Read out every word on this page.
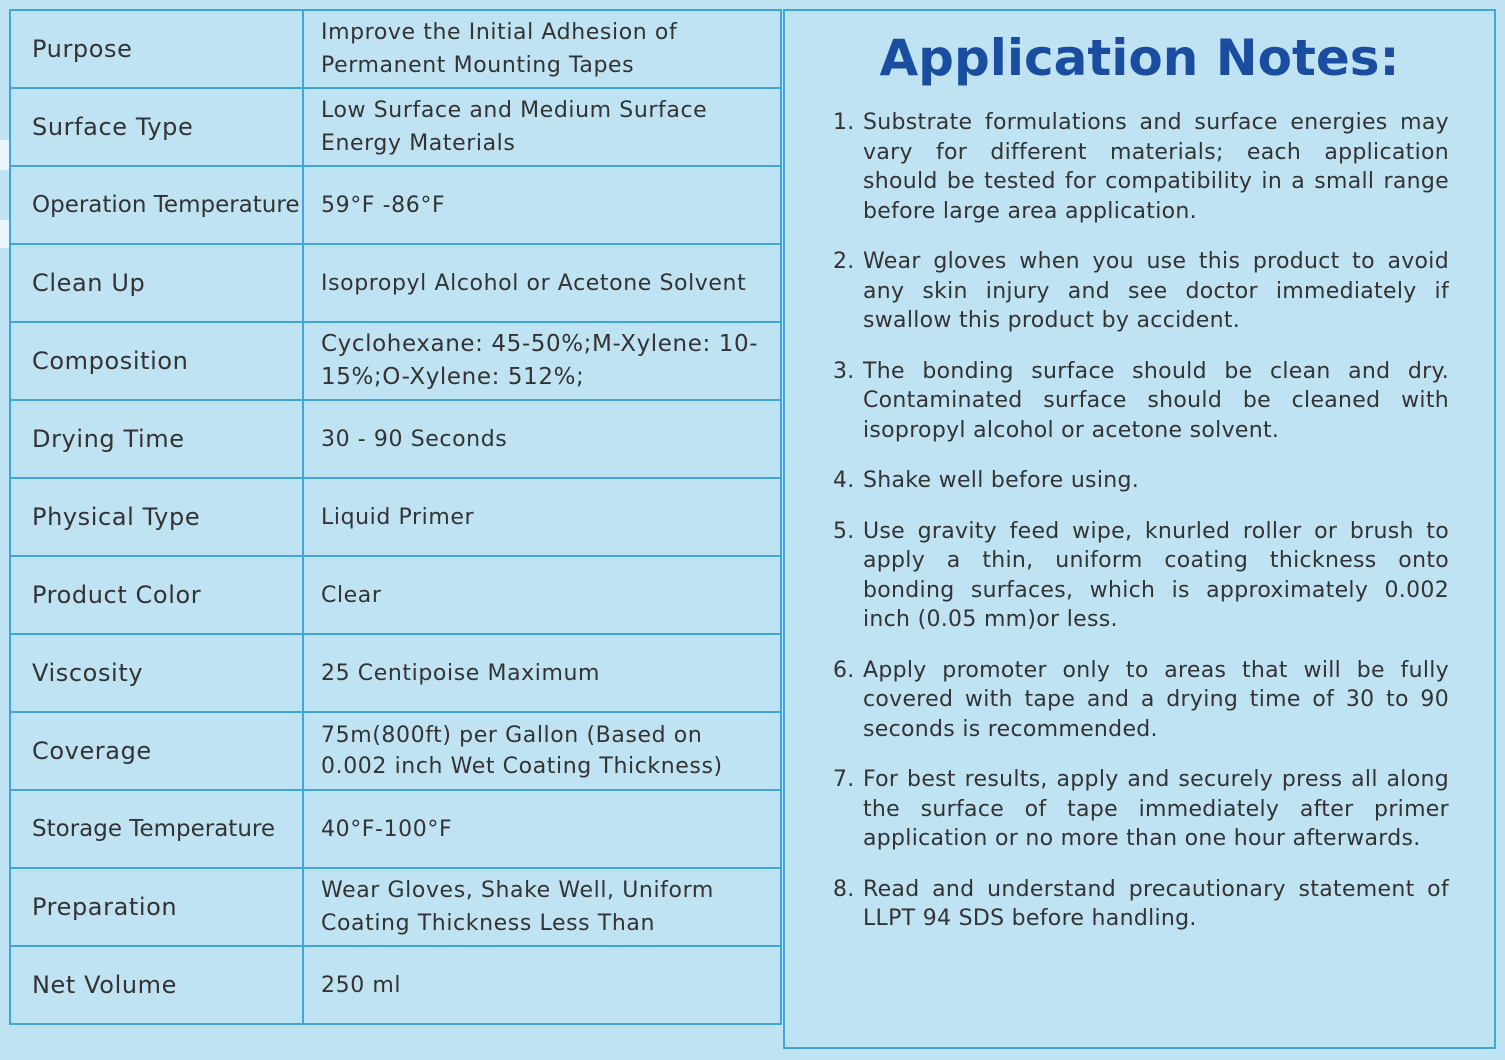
Purpose	Improve the Initial Adhesion of Permanent Mounting Tapes
Surface Type	Low Surface and Medium Surface Energy Materials
Operation Temperature	59°F -86°F
Clean Up	Isopropyl Alcohol or Acetone Solvent
Composition	Cyclohexane: 45-50%;M-Xylene: 10-15%;O-Xylene: 512%;
Drying Time	30 - 90 Seconds
Physical Type	Liquid Primer
Product Color	Clear
Viscosity	25 Centipoise Maximum
Coverage	75m(800ft) per Gallon (Based on 0.002 inch Wet Coating Thickness)
Storage Temperature	40°F-100°F
Preparation	Wear Gloves, Shake Well, Uniform Coating Thickness Less Than
Net Volume	250 ml
Application Notes:
1. Substrate formulations and surface energies may vary for different materials; each application should be tested for compatibility in a small range before large area application.
2. Wear gloves when you use this product to avoid any skin injury and see doctor immediately if swallow this product by accident.
3. The bonding surface should be clean and dry. Contaminated surface should be cleaned with isopropyl alcohol or acetone solvent.
4. Shake well before using.
5. Use gravity feed wipe, knurled roller or brush to apply a thin, uniform coating thickness onto bonding surfaces, which is approximately 0.002 inch (0.05 mm)or less.
6. Apply promoter only to areas that will be fully covered with tape and a drying time of 30 to 90 seconds is recommended.
7. For best results, apply and securely press all along the surface of tape immediately after primer application or no more than one hour afterwards.
8. Read and understand precautionary statement of LLPT 94 SDS before handling.
